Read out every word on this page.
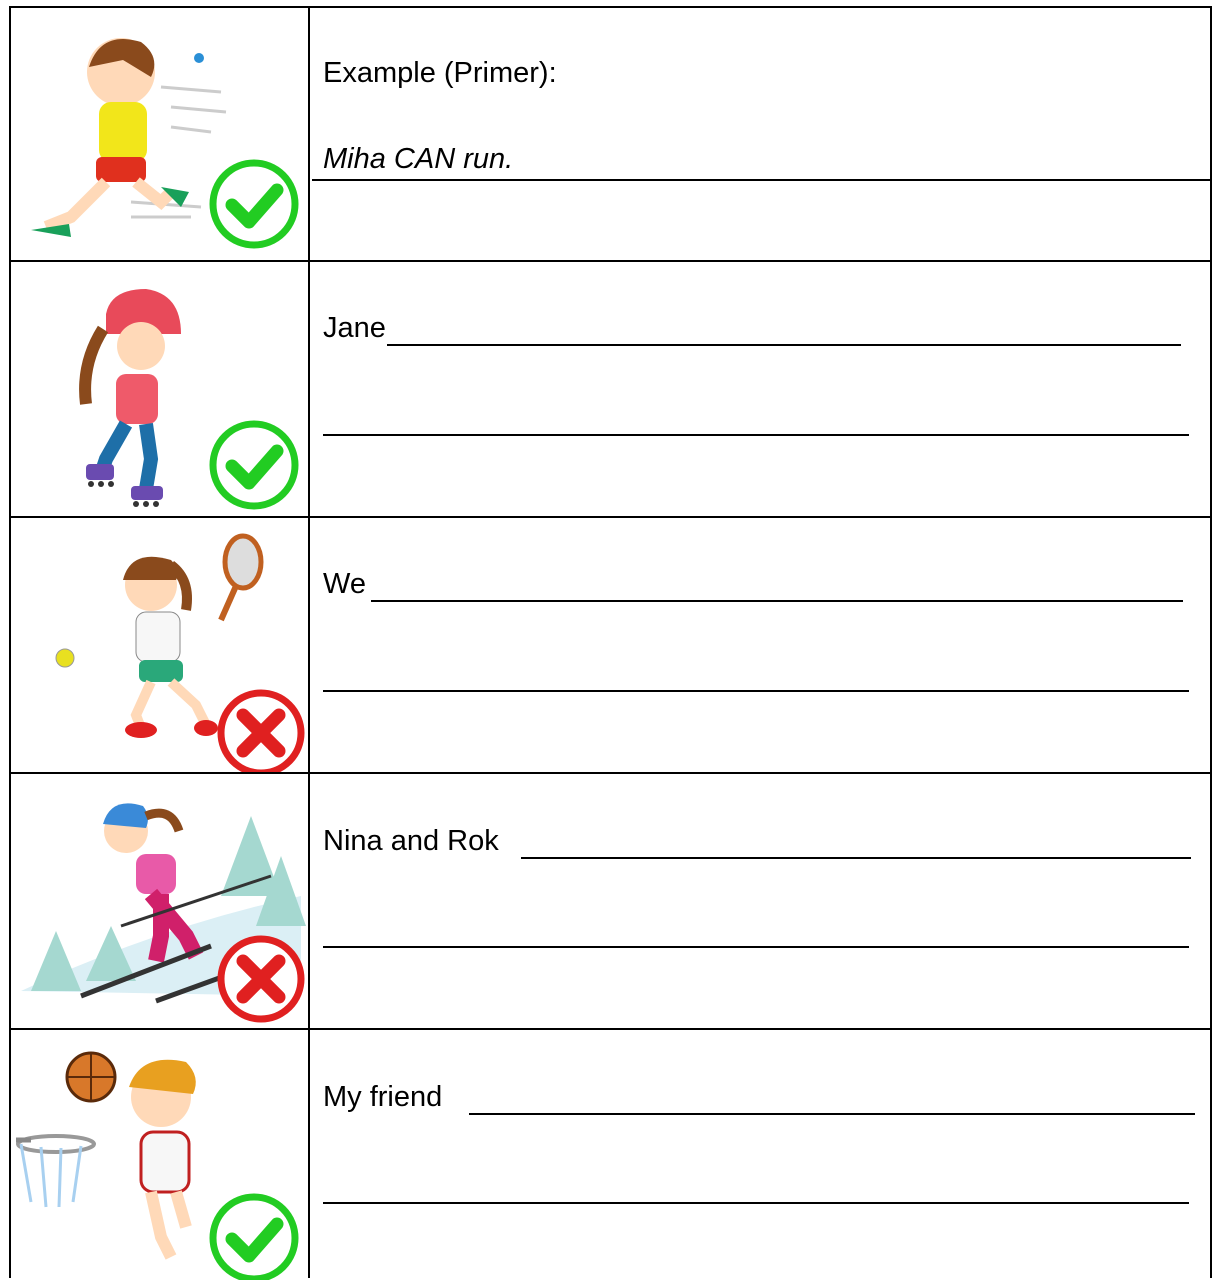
Example (Primer):
Miha CAN run.
Jane
We
Nina and Rok
My friend
